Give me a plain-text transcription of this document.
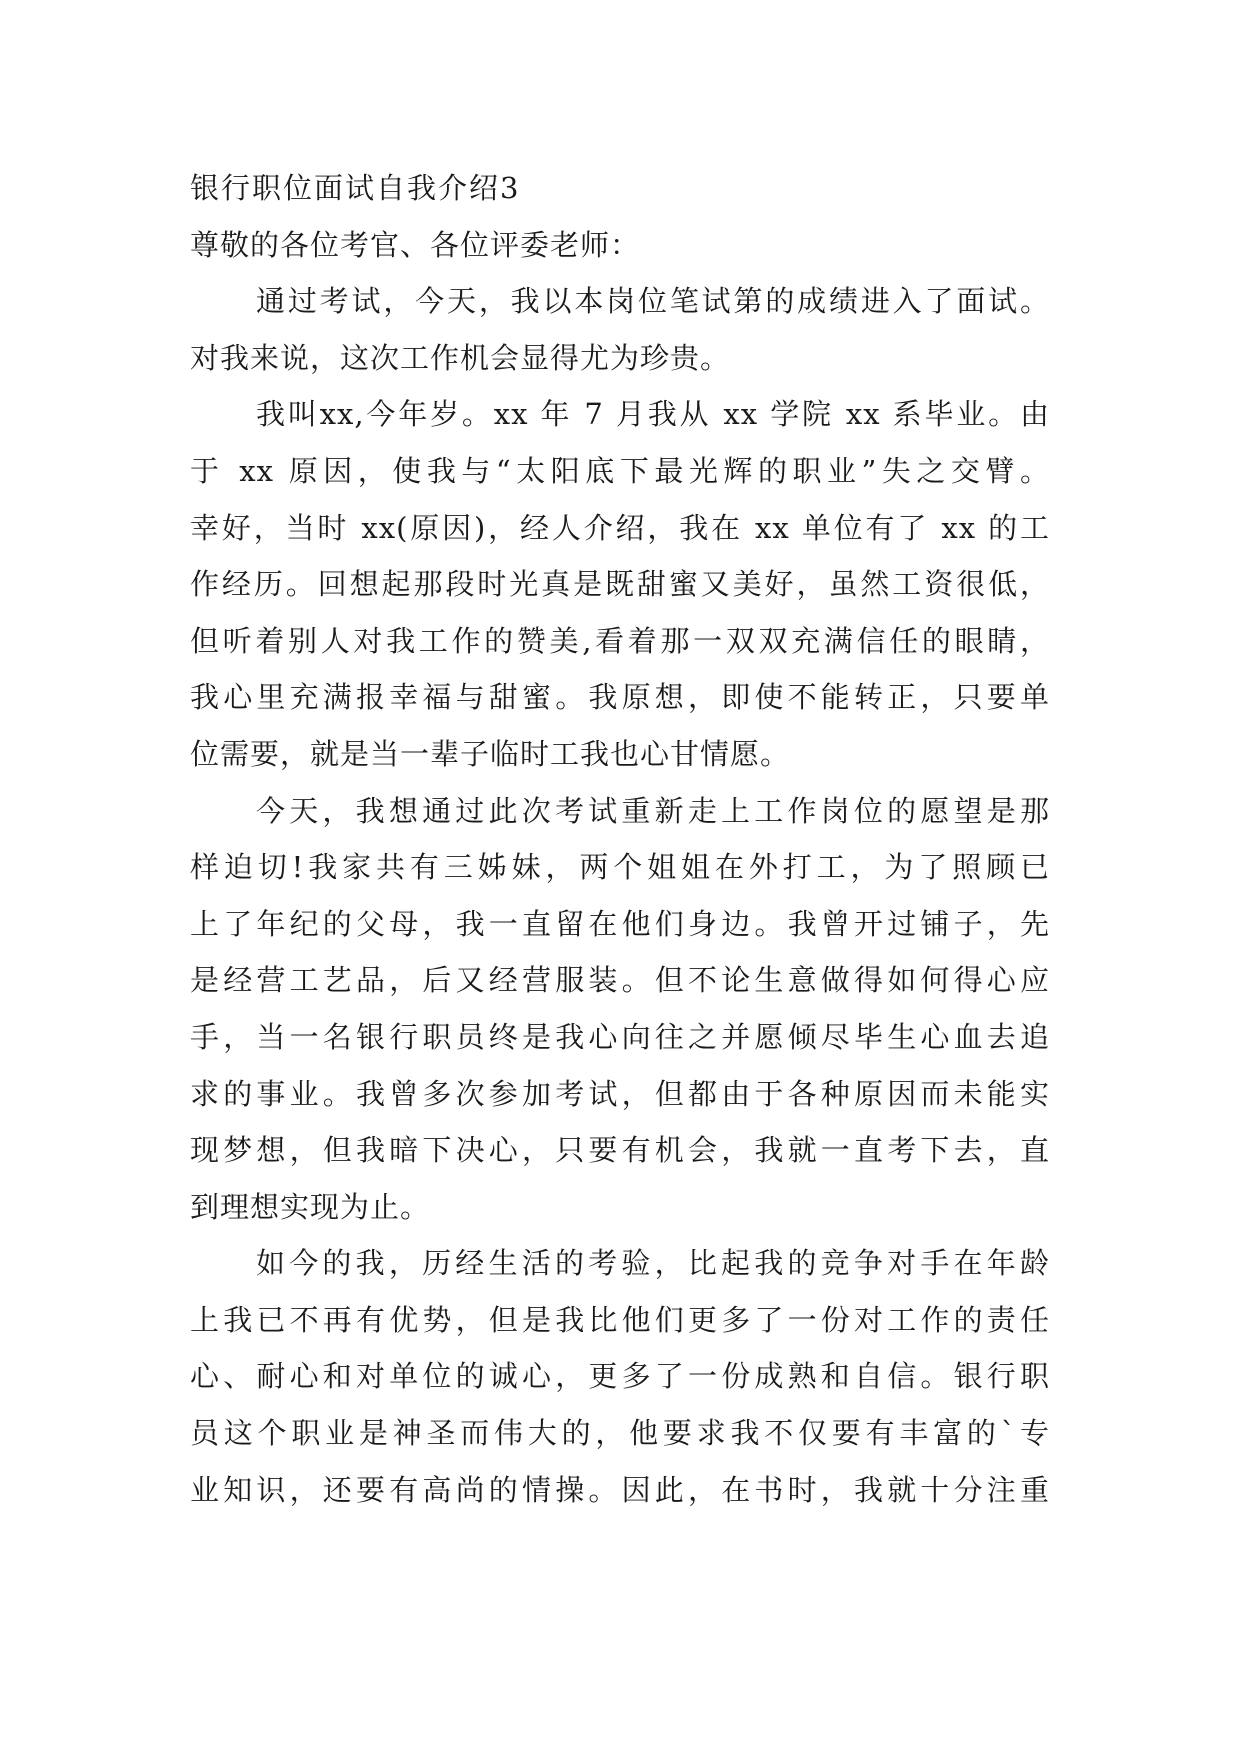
银行职位面试自我介绍3
尊敬的各位考官、各位评委老师：
通过考试，今天，我以本岗位笔试第的成绩进入了面试。
对我来说，这次工作机会显得尤为珍贵。
我叫xx,今年岁。xx 年 7 月我从 xx 学院 xx 系毕业。由
于 xx 原因，使我与“太阳底下最光辉的职业”失之交臂。
幸好，当时 xx(原因)，经人介绍，我在 xx 单位有了 xx 的工
作经历。回想起那段时光真是既甜蜜又美好，虽然工资很低，
但听着别人对我工作的赞美,看着那一双双充满信任的眼睛，
我心里充满报幸福与甜蜜。我原想，即使不能转正，只要单
位需要，就是当一辈子临时工我也心甘情愿。
今天，我想通过此次考试重新走上工作岗位的愿望是那
样迫切!我家共有三姊妹，两个姐姐在外打工，为了照顾已
上了年纪的父母，我一直留在他们身边。我曾开过铺子，先
是经营工艺品，后又经营服装。但不论生意做得如何得心应
手，当一名银行职员终是我心向往之并愿倾尽毕生心血去追
求的事业。我曾多次参加考试，但都由于各种原因而未能实
现梦想，但我暗下决心，只要有机会，我就一直考下去，直
到理想实现为止。
如今的我，历经生活的考验，比起我的竞争对手在年龄
上我已不再有优势，但是我比他们更多了一份对工作的责任
心、耐心和对单位的诚心，更多了一份成熟和自信。银行职
员这个职业是神圣而伟大的，他要求我不仅要有丰富的`专
业知识，还要有高尚的情操。因此，在书时，我就十分注重
